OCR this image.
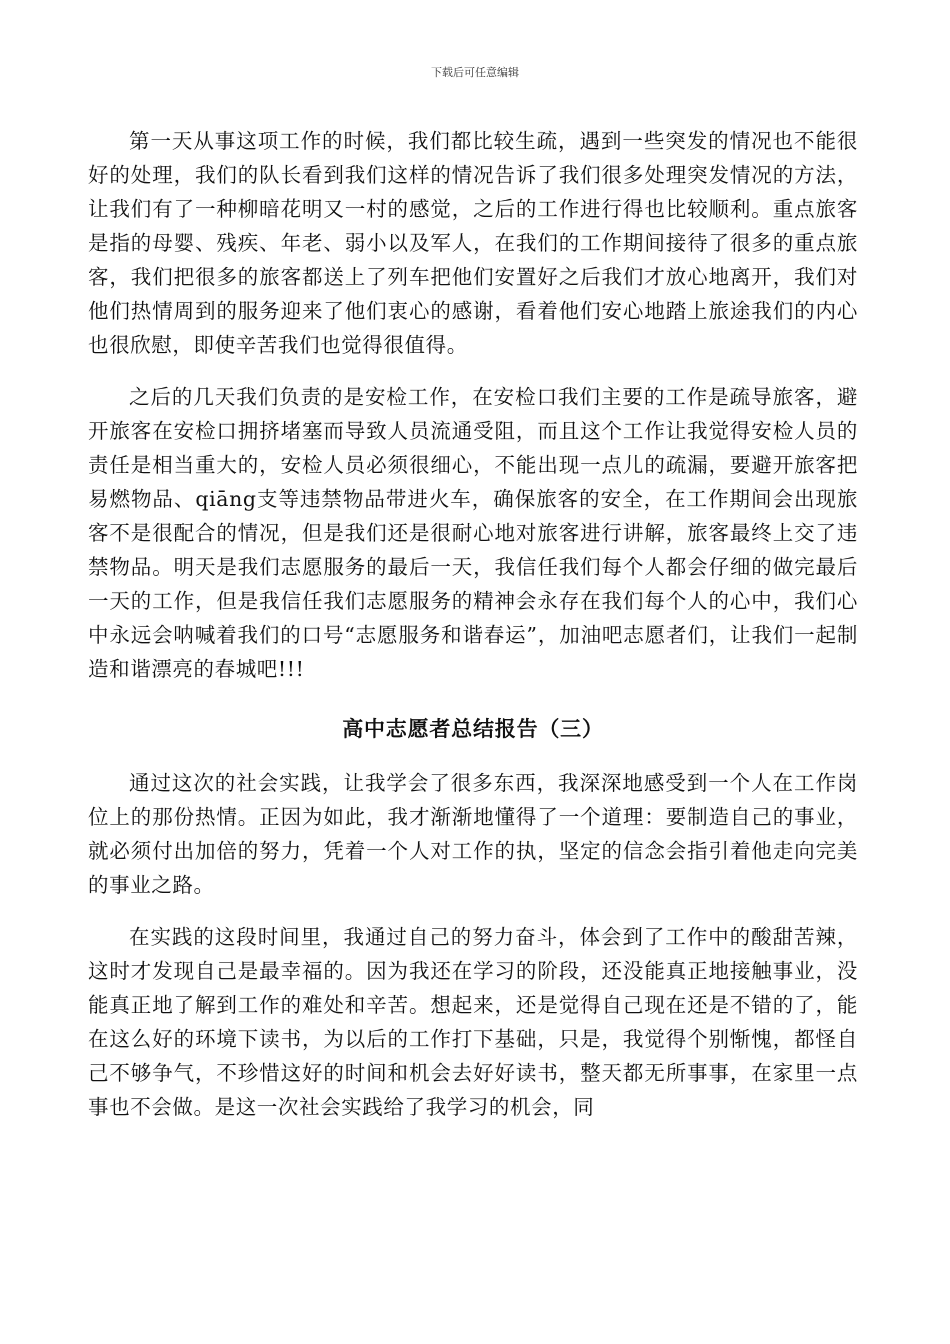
下载后可任意编辑

第一天从事这项工作的时候，我们都比较生疏，遇到一些突发的情况也不能很好的处理，我们的队长看到我们这样的情况告诉了我们很多处理突发情况的方法，让我们有了一种柳暗花明又一村的感觉，之后的工作进行得也比较顺利。重点旅客是指的母婴、残疾、年老、弱小以及军人，在我们的工作期间接待了很多的重点旅客，我们把很多的旅客都送上了列车把他们安置好之后我们才放心地离开，我们对他们热情周到的服务迎来了他们衷心的感谢，看着他们安心地踏上旅途我们的内心也很欣慰，即使辛苦我们也觉得很值得。

之后的几天我们负责的是安检工作，在安检口我们主要的工作是疏导旅客，避开旅客在安检口拥挤堵塞而导致人员流通受阻，而且这个工作让我觉得安检人员的责任是相当重大的，安检人员必须很细心，不能出现一点儿的疏漏，要避开旅客把易燃物品、qiāng支等违禁物品带进火车，确保旅客的安全，在工作期间会出现旅客不是很配合的情况，但是我们还是很耐心地对旅客进行讲解，旅客最终上交了违禁物品。明天是我们志愿服务的最后一天，我信任我们每个人都会仔细的做完最后一天的工作，但是我信任我们志愿服务的精神会永存在我们每个人的心中，我们心中永远会呐喊着我们的口号“志愿服务和谐春运”，加油吧志愿者们，让我们一起制造和谐漂亮的春城吧!!!

高中志愿者总结报告（三）

通过这次的社会实践，让我学会了很多东西，我深深地感受到一个人在工作岗位上的那份热情。正因为如此，我才渐渐地懂得了一个道理：要制造自己的事业，就必须付出加倍的努力，凭着一个人对工作的执，坚定的信念会指引着他走向完美的事业之路。

在实践的这段时间里，我通过自己的努力奋斗，体会到了工作中的酸甜苦辣，这时才发现自己是最幸福的。因为我还在学习的阶段，还没能真正地接触事业，没能真正地了解到工作的难处和辛苦。想起来，还是觉得自己现在还是不错的了，能在这么好的环境下读书，为以后的工作打下基础，只是，我觉得个别惭愧，都怪自己不够争气，不珍惜这好的时间和机会去好好读书，整天都无所事事，在家里一点事也不会做。是这一次社会实践给了我学习的机会，同
